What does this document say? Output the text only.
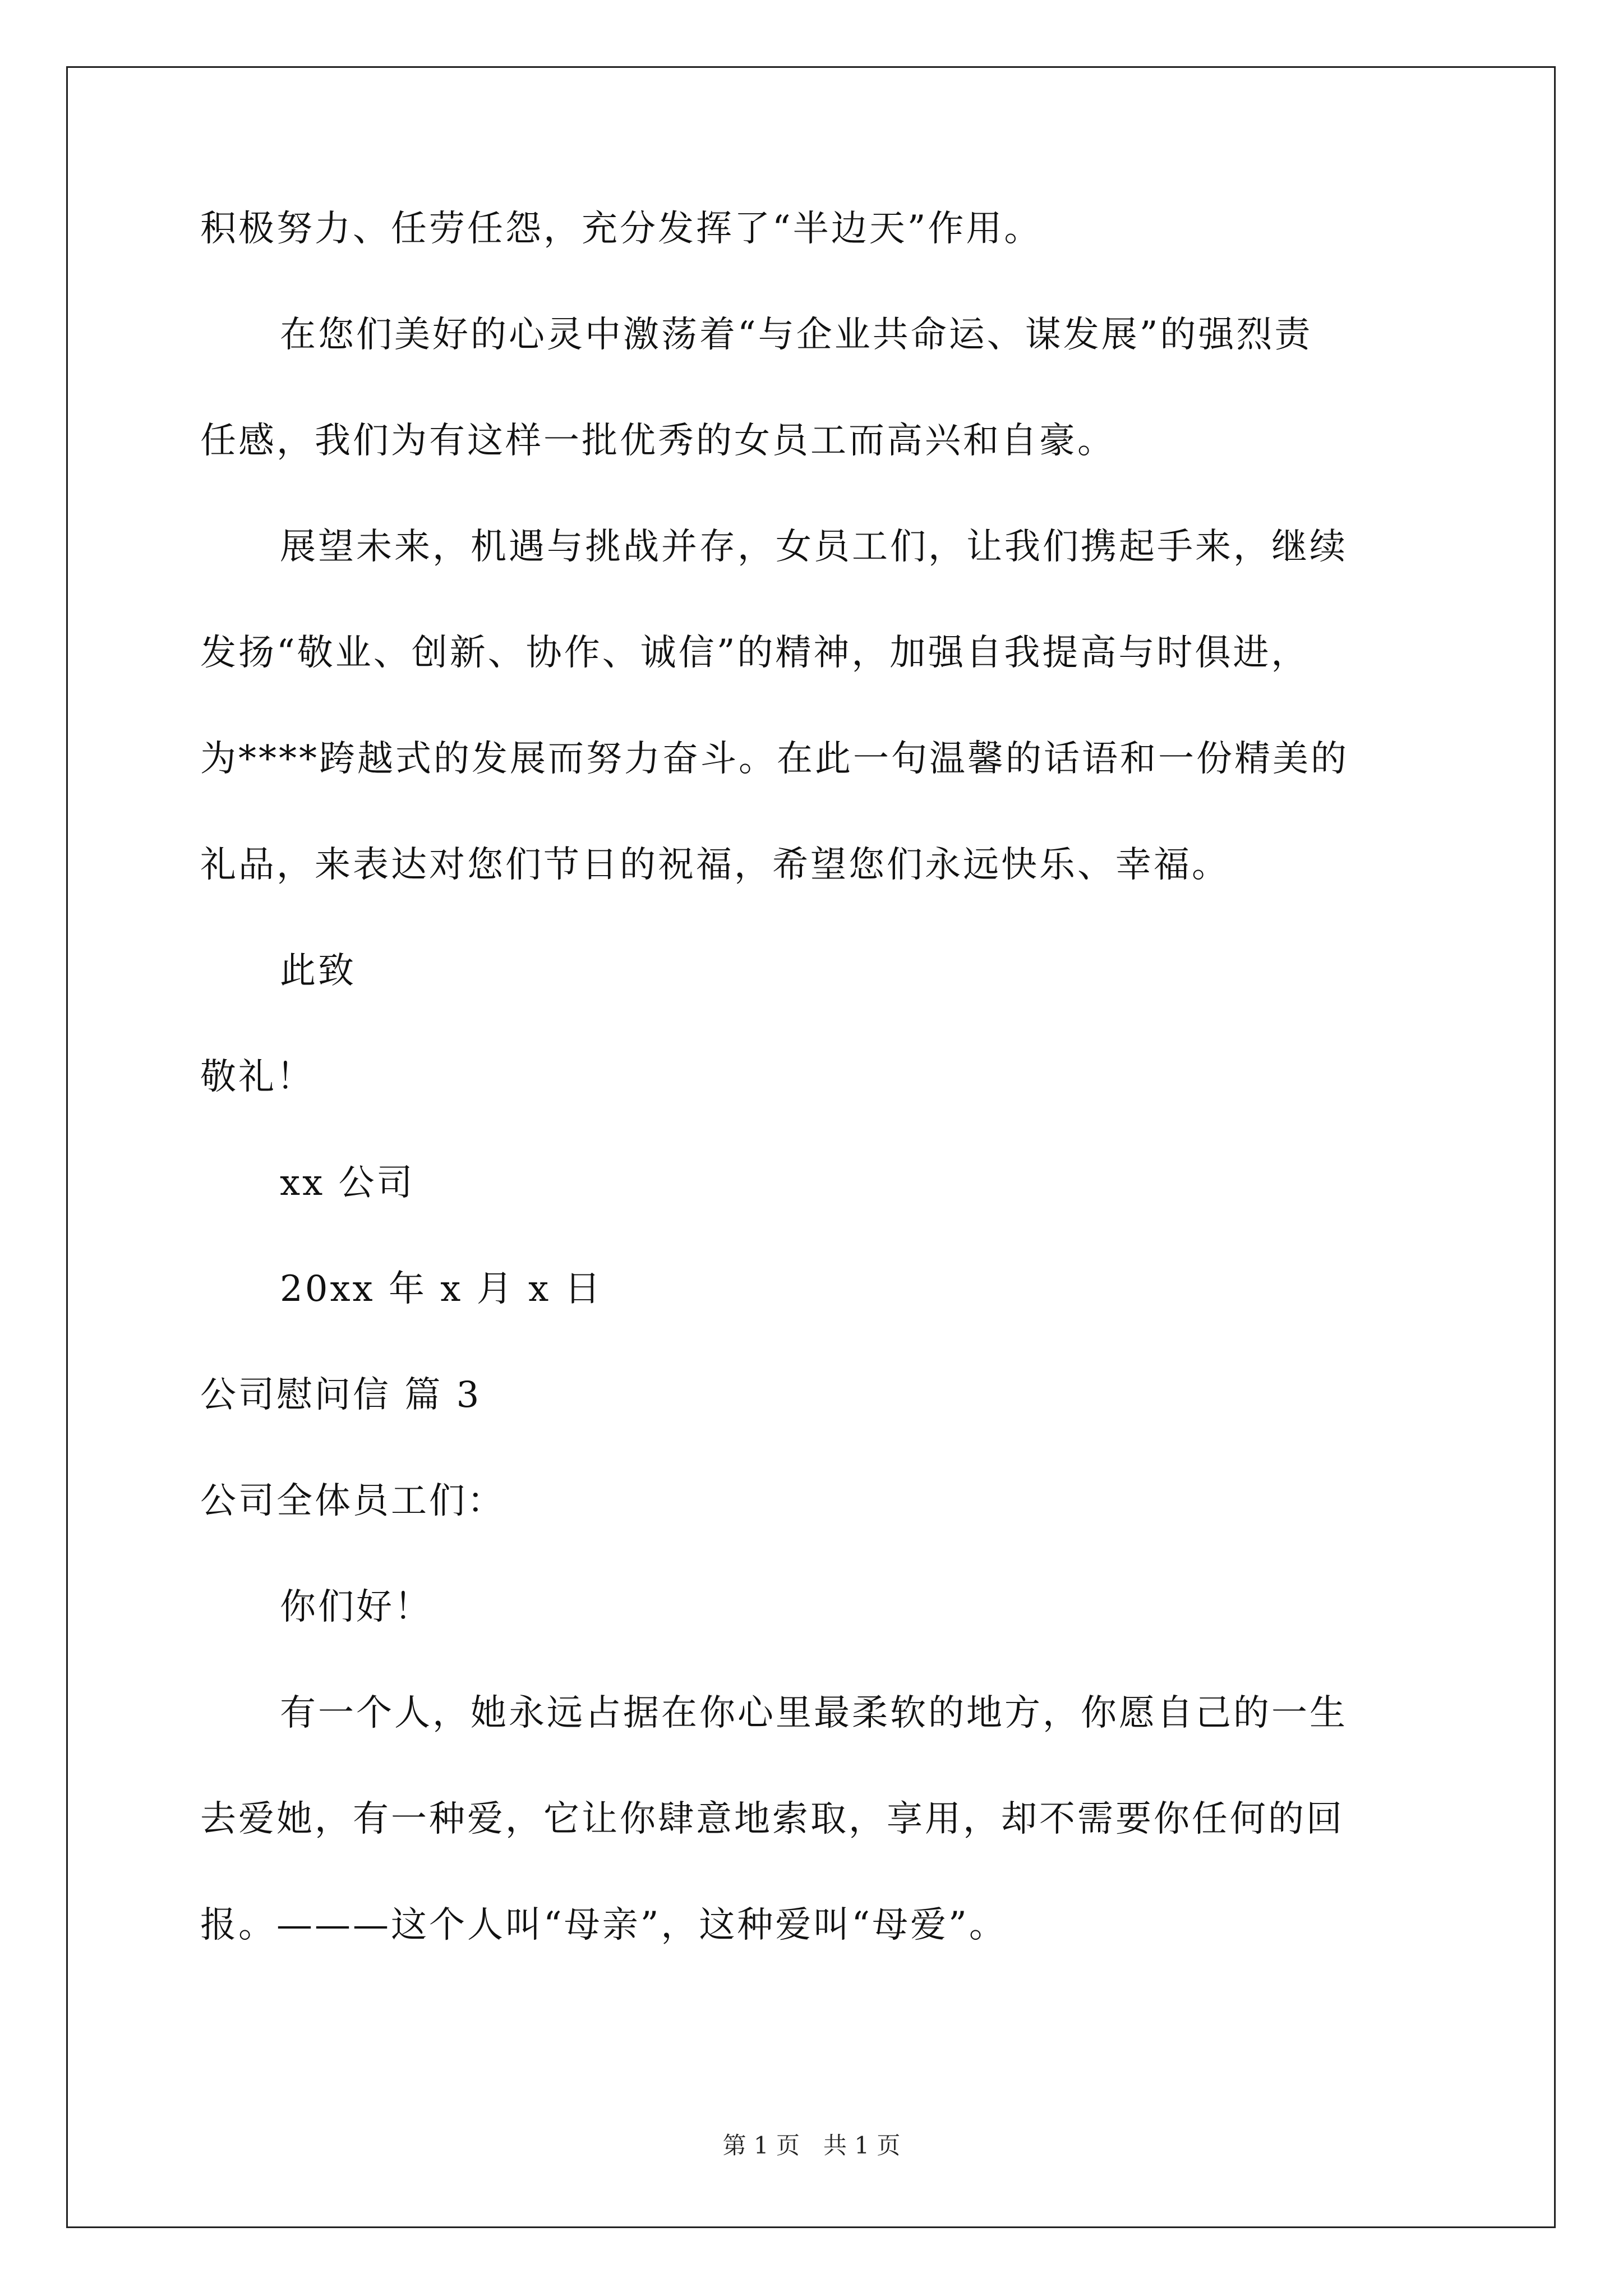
积极努力、任劳任怨，充分发挥了“半边天”作用。

在您们美好的心灵中激荡着“与企业共命运、谋发展”的强烈责

任感，我们为有这样一批优秀的女员工而高兴和自豪。

展望未来，机遇与挑战并存，女员工们，让我们携起手来，继续

发扬“敬业、创新、协作、诚信”的精神，加强自我提高与时俱进，

为****跨越式的发展而努力奋斗。在此一句温馨的话语和一份精美的

礼品，来表达对您们节日的祝福，希望您们永远快乐、幸福。

此致

敬礼！

xx 公司

20xx 年 x 月 x 日

公司慰问信 篇 3

公司全体员工们：

你们好！

有一个人，她永远占据在你心里最柔软的地方，你愿自己的一生

去爱她，有一种爱，它让你肆意地索取，享用，却不需要你任何的回

报。———这个人叫“母亲”，这种爱叫“母爱”。

第 1 页　共 1 页
